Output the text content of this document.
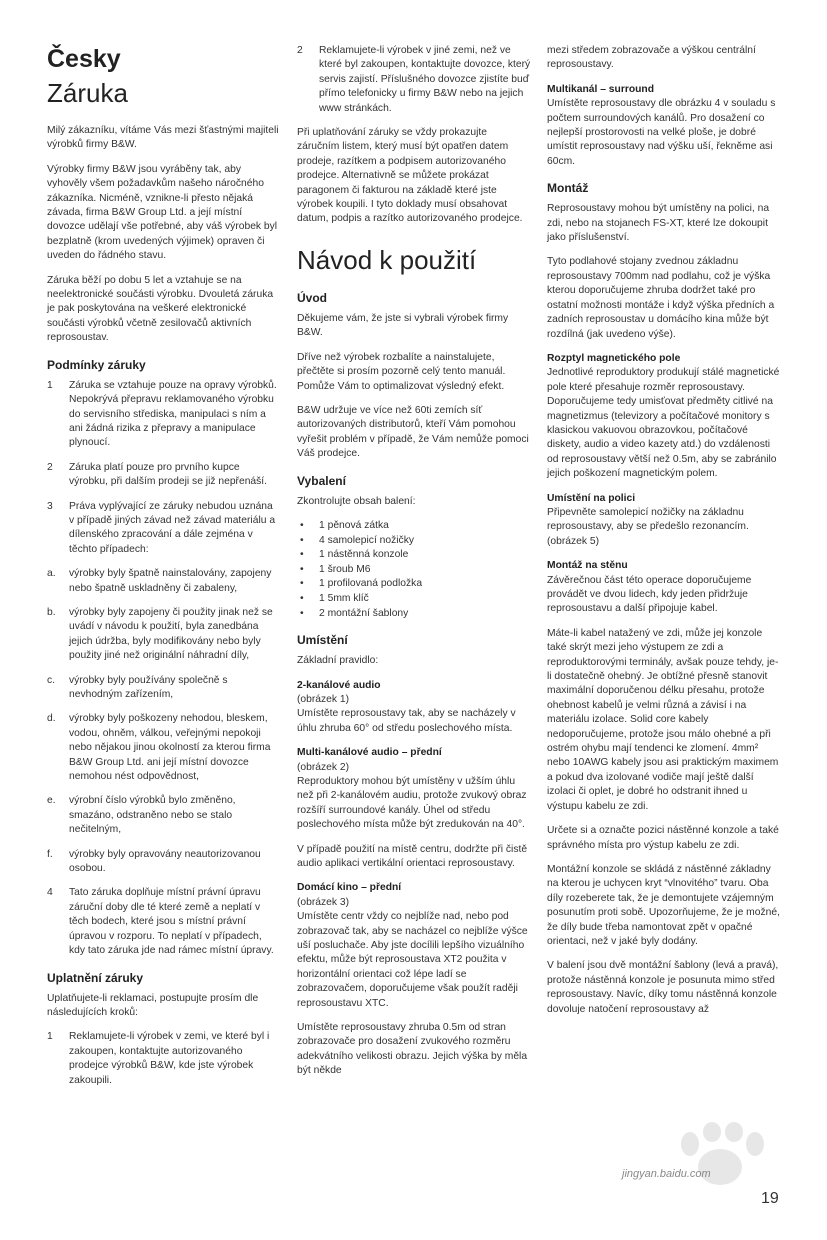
Česky
Záruka

Milý zákazníku, vítáme Vás mezi šťastnými majiteli výrobků firmy B&W.

Výrobky firmy B&W jsou vyráběny tak, aby vyhověly všem požadavkům našeho náročného zákazníka. Nicméně, vznikne-li přesto nějaká závada, firma B&W Group Ltd. a její místní dovozce udělají vše potřebné, aby váš výrobek byl bezplatně (krom uvedených výjimek) opraven či uveden do řádného stavu.

Záruka běží po dobu 5 let a vztahuje se na neelektronické součásti výrobku. Dvouletá záruka je pak poskytována na veškeré elektronické součásti výrobků včetně zesilovačů aktivních reprosoustav.

Podmínky záruky
1 Záruka se vztahuje pouze na opravy výrobků. Nepokrývá přepravu reklamovaného výrobku do servisního střediska, manipulaci s ním a ani žádná rizika z přepravy a manipulace plynoucí.
2 Záruka platí pouze pro prvního kupce výrobku, při dalším prodeji se již nepřenáší.
3 Práva vyplývající ze záruky nebudou uznána v případě jiných závad než závad materiálu a dílenského zpracování a dále zejména v těchto případech:
a. výrobky byly špatně nainstalovány, zapojeny nebo špatně uskladněny či zabaleny,
b. výrobky byly zapojeny či použity jinak než se uvádí v návodu k použití, byla zanedbána jejich údržba, byly modifikovány nebo byly použity jiné než originální náhradní díly,
c. výrobky byly používány společně s nevhodným zařízením,
d. výrobky byly poškozeny nehodou, bleskem, vodou, ohněm, válkou, veřejnými nepokoji nebo nějakou jinou okolností za kterou firma B&W Group Ltd. ani její místní dovozce nemohou nést odpovědnost,
e. výrobní číslo výrobků bylo změněno, smazáno, odstraněno nebo se stalo nečitelným,
f. výrobky byly opravovány neautorizovanou osobou.
4 Tato záruka doplňuje místní právní úpravu záruční doby dle té které země a neplatí v těch bodech, které jsou s místní právní úpravou v rozporu. To neplatí v případech, kdy tato záruka jde nad rámec místní úpravy.
Uplatnění záruky

Uplatňujete-li reklamaci, postupujte prosím dle následujících kroků:

1 Reklamujete-li výrobek v zemi, ve které byl i zakoupen, kontaktujte autorizovaného prodejce výrobků B&W, kde jste výrobek zakoupili.
2 Reklamujete-li výrobek v jiné zemi, než ve které byl zakoupen, kontaktujte dovozce, který servis zajistí. Příslušného dovozce zjistíte buď přímo telefonicky u firmy B&W nebo na jejich www stránkách.

Při uplatňování záruky se vždy prokazujte záručním listem, který musí být opatřen datem prodeje, razítkem a podpisem autorizovaného prodejce. Alternativně se můžete prokázat paragonem či fakturou na základě které jste výrobek koupili. I tyto doklady musí obsahovat datum, podpis a razítko autorizovaného prodejce.

Návod k použití
Úvod

Děkujeme vám, že jste si vybrali výrobek firmy B&W.

Dříve než výrobek rozbalíte a nainstalujete, přečtěte si prosím pozorně celý tento manuál. Pomůže Vám to optimalizovat výsledný efekt.

B&W udržuje ve více než 60ti zemích síť autorizovaných distributorů, kteří Vám pomohou vyřešit problém v případě, že Vám nemůže pomoci Váš prodejce.

Vybalení

Zkontrolujte obsah balení:

• 1 pěnová zátka
• 4 samolepicí nožičky
• 1 nástěnná konzole
• 1 šroub M6
• 1 profilovaná podložka
• 1 5mm klíč
• 2 montážní šablony
Umístění

Základní pravidlo:

2-kanálové audio
(obrázek 1)
Umístěte reprosoustavy tak, aby se nacházely v úhlu zhruba 60° od středu poslechového místa.

Multi-kanálové audio – přední
(obrázek 2)
Reproduktory mohou být umístěny v užším úhlu než při 2-kanálovém audiu, protože zvukový obraz rozšíří surroundové kanály. Úhel od středu poslechového místa může být zredukován na 40°.

V případě použití na místě centru, dodržte při čistě audio aplikaci vertikální orientaci reprosoustavy.

Domácí kino – přední
(obrázek 3)
Umístěte centr vždy co nejblíže nad, nebo pod zobrazovač tak, aby se nacházel co nejblíže výšce uší posluchače. Aby jste docílili lepšího vizuálního efektu, může být reprosoustava XT2 použita v horizontální orientaci což lépe ladí se zobrazovačem, doporučujeme však použít raději reprosoustavu XTC.

Umístěte reprosoustavy zhruba 0.5m od stran zobrazovače pro dosažení zvukového rozměru adekvátního velikosti obrazu. Jejich výška by měla být někde

mezi středem zobrazovače a výškou centrální reprosoustavy.

Multikanál – surround
Umístěte reprosoustavy dle obrázku 4 v souladu s počtem surroundových kanálů. Pro dosažení co nejlepší prostorovosti na velké ploše, je dobré umístit reprosoustavy nad výšku uší, řekněme asi 60cm.

Montáž

Reprosoustavy mohou být umístěny na polici, na zdi, nebo na stojanech FS-XT, které lze dokoupit jako příslušenství.

Tyto podlahové stojany zvednou základnu reprosoustavy 700mm nad podlahu, což je výška kterou doporučujeme zhruba dodržet také pro ostatní možnosti montáže i když výška předních a zadních reprosoustav u domácího kina může být rozdílná (jak uvedeno výše).

Rozptyl magnetického pole
Jednotlivé reproduktory produkují stálé magnetické pole které přesahuje rozměr reprosoustavy. Doporučujeme tedy umisťovat předměty citlivé na magnetizmus (televizory a počítačové monitory s klasickou vakuovou obrazovkou, počítačové diskety, audio a video kazety atd.) do vzdálenosti od reprosoustavy větší než 0.5m, aby se zabránilo jejich poškození magnetickým polem.

Umístění na polici
Připevněte samolepicí nožičky na základnu reprosoustavy, aby se předešlo rezonancím. (obrázek 5)

Montáž na stěnu
Závěrečnou část této operace doporučujeme provádět ve dvou lidech, kdy jeden přidržuje reprosoustavu a další připojuje kabel.

Máte-li kabel natažený ve zdi, může jej konzole také skrýt mezi jeho výstupem ze zdi a reproduktorovými terminály, avšak pouze tehdy, je-li dostatečně ohebný. Je obtížné přesně stanovit maximální doporučenou délku přesahu, protože ohebnost kabelů je velmi různá a závisí i na materiálu izolace. Solid core kabely nedoporučujeme, protože jsou málo ohebné a při ostrém ohybu mají tendenci ke zlomení. 4mm² nebo 10AWG kabely jsou asi praktickým maximem a pokud dva izolované vodiče mají ještě další izolaci či oplet, je dobré ho odstranit ihned u výstupu kabelu ze zdi.

Určete si a označte pozici nástěnné konzole a také správného místa pro výstup kabelu ze zdi.

Montážní konzole se skládá z nástěnné základny na kterou je uchycen kryt “vlnovitého” tvaru. Oba díly rozeberete tak, že je demontujete vzájemným posunutím proti sobě. Upozorňujeme, že je možné, že díly bude třeba namontovat zpět v opačné orientaci, než v jaké byly dodány.

V balení jsou dvě montážní šablony (levá a pravá), protože nástěnná konzole je posunuta mimo střed reprosoustavy. Navíc, díky tomu nástěnná konzole dovoluje natočení reprosoustavy až

jingyan.baidu.com
19
